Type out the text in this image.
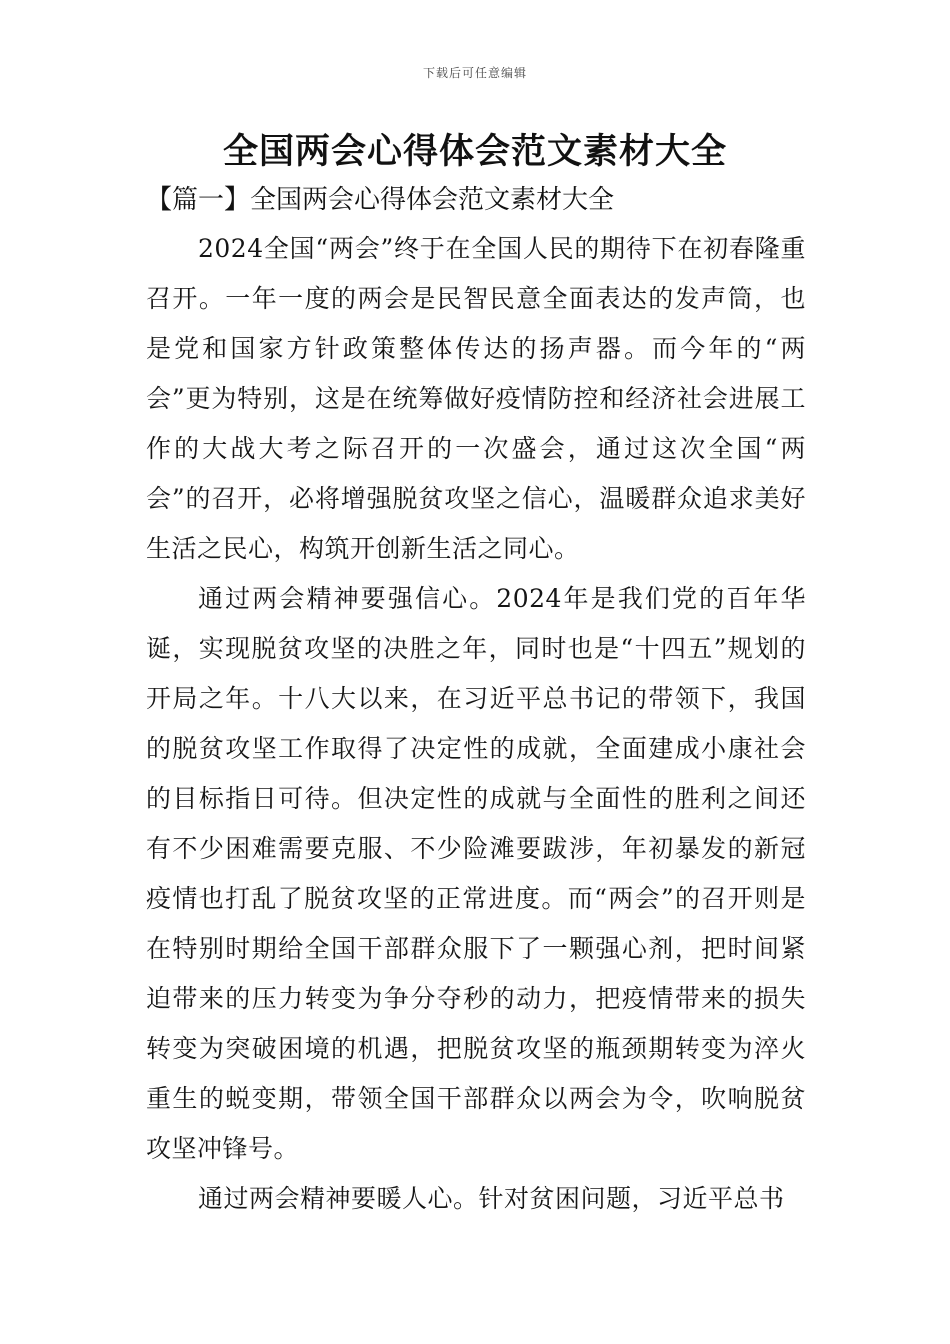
下载后可任意编辑
全国两会心得体会范文素材大全
【篇一】全国两会心得体会范文素材大全

2024全国“两会”终于在全国人民的期待下在初春隆重召开。一年一度的两会是民智民意全面表达的发声筒，也是党和国家方针政策整体传达的扬声器。而今年的“两会”更为特别，这是在统筹做好疫情防控和经济社会进展工作的大战大考之际召开的一次盛会，通过这次全国“两会”的召开，必将增强脱贫攻坚之信心，温暖群众追求美好生活之民心，构筑开创新生活之同心。

通过两会精神要强信心。2024年是我们党的百年华诞，实现脱贫攻坚的决胜之年，同时也是“十四五”规划的开局之年。十八大以来，在习近平总书记的带领下，我国的脱贫攻坚工作取得了决定性的成就，全面建成小康社会的目标指日可待。但决定性的成就与全面性的胜利之间还有不少困难需要克服、不少险滩要跋涉，年初暴发的新冠疫情也打乱了脱贫攻坚的正常进度。而“两会”的召开则是在特别时期给全国干部群众服下了一颗强心剂，把时间紧迫带来的压力转变为争分夺秒的动力，把疫情带来的损失转变为突破困境的机遇，把脱贫攻坚的瓶颈期转变为淬火重生的蜕变期，带领全国干部群众以两会为令，吹响脱贫攻坚冲锋号。

通过两会精神要暖人心。针对贫困问题，习近平总书
